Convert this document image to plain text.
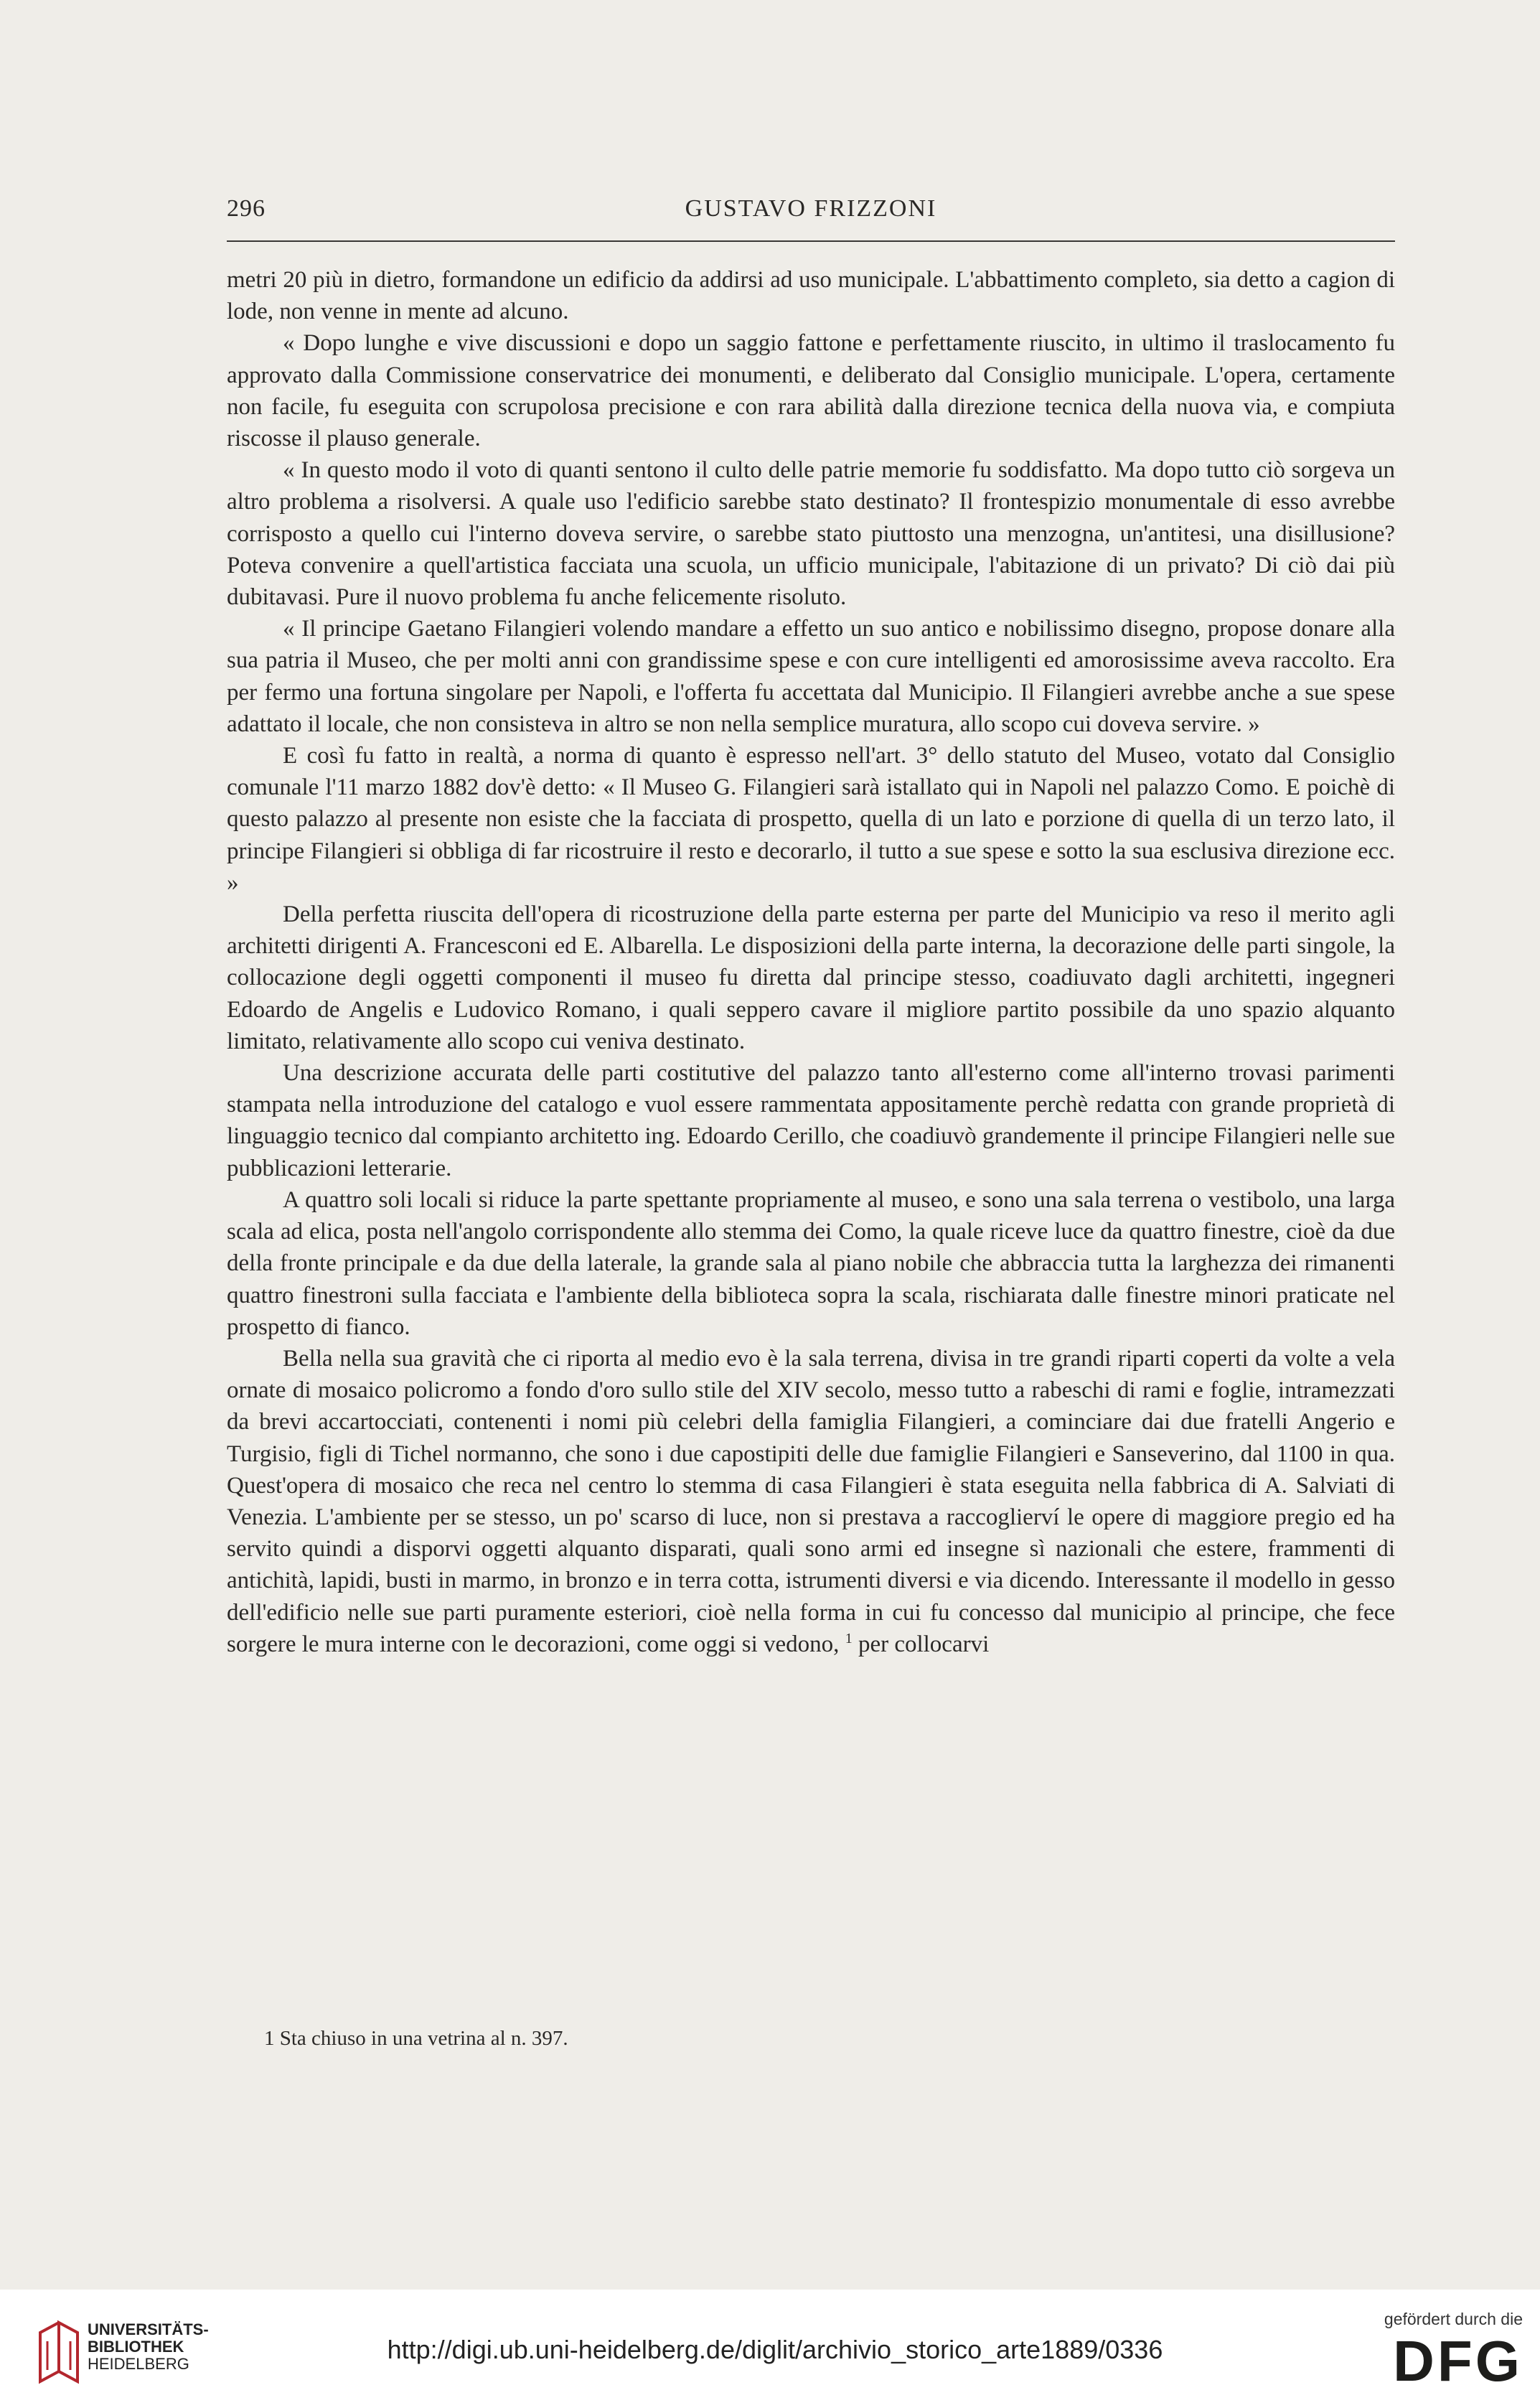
296	GUSTAVO FRIZZONI

metri 20 più in dietro, formandone un edificio da addirsi ad uso municipale. L'abbattimento completo, sia detto a cagion di lode, non venne in mente ad alcuno.

« Dopo lunghe e vive discussioni e dopo un saggio fattone e perfettamente riuscito, in ultimo il traslocamento fu approvato dalla Commissione conservatrice dei monumenti, e deliberato dal Consiglio municipale. L'opera, certamente non facile, fu eseguita con scrupolosa precisione e con rara abilità dalla direzione tecnica della nuova via, e compiuta riscosse il plauso generale.

« In questo modo il voto di quanti sentono il culto delle patrie memorie fu soddisfatto. Ma dopo tutto ciò sorgeva un altro problema a risolversi. A quale uso l'edificio sarebbe stato destinato? Il frontespizio monumentale di esso avrebbe corrisposto a quello cui l'interno doveva servire, o sarebbe stato piuttosto una menzogna, un'antitesi, una disillusione? Poteva convenire a quell'artistica facciata una scuola, un ufficio municipale, l'abitazione di un privato? Di ciò dai più dubitavasi. Pure il nuovo problema fu anche felicemente risoluto.

« Il principe Gaetano Filangieri volendo mandare a effetto un suo antico e nobilissimo disegno, propose donare alla sua patria il Museo, che per molti anni con grandissime spese e con cure intelligenti ed amorosissime aveva raccolto. Era per fermo una fortuna singolare per Napoli, e l'offerta fu accettata dal Municipio. Il Filangieri avrebbe anche a sue spese adattato il locale, che non consisteva in altro se non nella semplice muratura, allo scopo cui doveva servire. »

E così fu fatto in realtà, a norma di quanto è espresso nell'art. 3° dello statuto del Museo, votato dal Consiglio comunale l'11 marzo 1882 dov'è detto: « Il Museo G. Filangieri sarà istallato qui in Napoli nel palazzo Como. E poichè di questo palazzo al presente non esiste che la facciata di prospetto, quella di un lato e porzione di quella di un terzo lato, il principe Filangieri si obbliga di far ricostruire il resto e decorarlo, il tutto a sue spese e sotto la sua esclusiva direzione ecc. »

Della perfetta riuscita dell'opera di ricostruzione della parte esterna per parte del Municipio va reso il merito agli architetti dirigenti A. Francesconi ed E. Albarella. Le disposizioni della parte interna, la decorazione delle parti singole, la collocazione degli oggetti componenti il museo fu diretta dal principe stesso, coadiuvato dagli architetti, ingegneri Edoardo de Angelis e Ludovico Romano, i quali seppero cavare il migliore partito possibile da uno spazio alquanto limitato, relativamente allo scopo cui veniva destinato.

Una descrizione accurata delle parti costitutive del palazzo tanto all'esterno come all'interno trovasi parimenti stampata nella introduzione del catalogo e vuol essere rammentata appositamente perchè redatta con grande proprietà di linguaggio tecnico dal compianto architetto ing. Edoardo Cerillo, che coadiuvò grandemente il principe Filangieri nelle sue pubblicazioni letterarie.

A quattro soli locali si riduce la parte spettante propriamente al museo, e sono una sala terrena o vestibolo, una larga scala ad elica, posta nell'angolo corrispondente allo stemma dei Como, la quale riceve luce da quattro finestre, cioè da due della fronte principale e da due della laterale, la grande sala al piano nobile che abbraccia tutta la larghezza dei rimanenti quattro finestroni sulla facciata e l'ambiente della biblioteca sopra la scala, rischiarata dalle finestre minori praticate nel prospetto di fianco.

Bella nella sua gravità che ci riporta al medio evo è la sala terrena, divisa in tre grandi riparti coperti da volte a vela ornate di mosaico policromo a fondo d'oro sullo stile del XIV secolo, messo tutto a rabeschi di rami e foglie, intramezzati da brevi accartocciati, contenenti i nomi più celebri della famiglia Filangieri, a cominciare dai due fratelli Angerio e Turgisio, figli di Tichel normanno, che sono i due capostipiti delle due famiglie Filangieri e Sanseverino, dal 1100 in qua. Quest'opera di mosaico che reca nel centro lo stemma di casa Filangieri è stata eseguita nella fabbrica di A. Salviati di Venezia. L'ambiente per se stesso, un po' scarso di luce, non si prestava a raccoglierví le opere di maggiore pregio ed ha servito quindi a disporvi oggetti alquanto disparati, quali sono armi ed insegne sì nazionali che estere, frammenti di antichità, lapidi, busti in marmo, in bronzo e in terra cotta, istrumenti diversi e via dicendo. Interessante il modello in gesso dell'edificio nelle sue parti puramente esteriori, cioè nella forma in cui fu concesso dal municipio al principe, che fece sorgere le mura interne con le decorazioni, come oggi si vedono, $^1$ per collocarvi

1 Sta chiuso in una vetrina al n. 397.
UNIVERSITÄTS-
BIBLIOTHEK
HEIDELBERG	http://digi.ub.uni-heidelberg.de/diglit/archivio_storico_arte1889/0336
gefördert durch die
DFG
